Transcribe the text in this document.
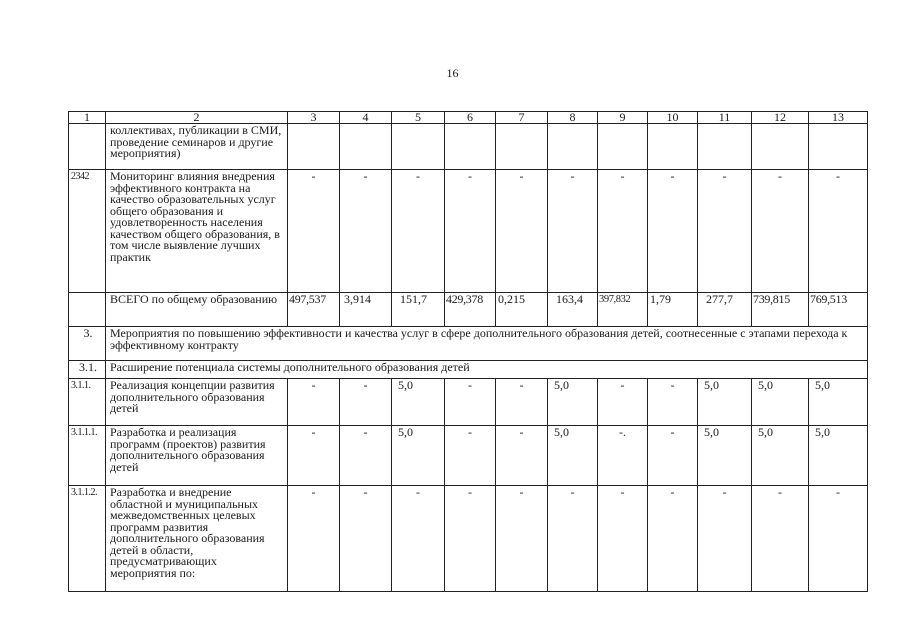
16
1	2	3	4	5	6	7	8	9	10	11	12	13
	коллективах, публикации в СМИ, проведение семинаров и другие мероприятия)											
2342	Мониторинг влияния внедрения эффективного контракта на качество образовательных услуг общего образования и удовлетворенность населения качеством общего образования, в том числе выявление лучших практик	-	-	-	-	-	-	-	-	-	-	-
	ВСЕГО по общему образованию	497,537	3,914	151,7	429,378	0,215	163,4	397,832	1,79	277,7	739,815	769,513
3.	Мероприятия по повышению эффективности и качества услуг в сфере дополнительного образования детей, соотнесенные с этапами перехода к эффективному контракту											
3.1.	Расширение потенциала системы дополнительного образования детей											
3.1.1.	Реализация концепции развития дополнительного образования детей	-	-	5,0	-	-	5,0	-	-	5,0	5,0	5,0
3.1.1.1.	Разработка и реализация программ (проектов) развития дополнительного образования детей	-	-	5,0	-	-	5,0	-.	-	5,0	5,0	5,0
3.1.1.2.	Разработка и внедрение областной и муниципальных межведомственных целевых программ развития дополнительного образования детей в области, предусматривающих мероприятия по:	-	-	-	-	-	-	-	-	-	-	-
